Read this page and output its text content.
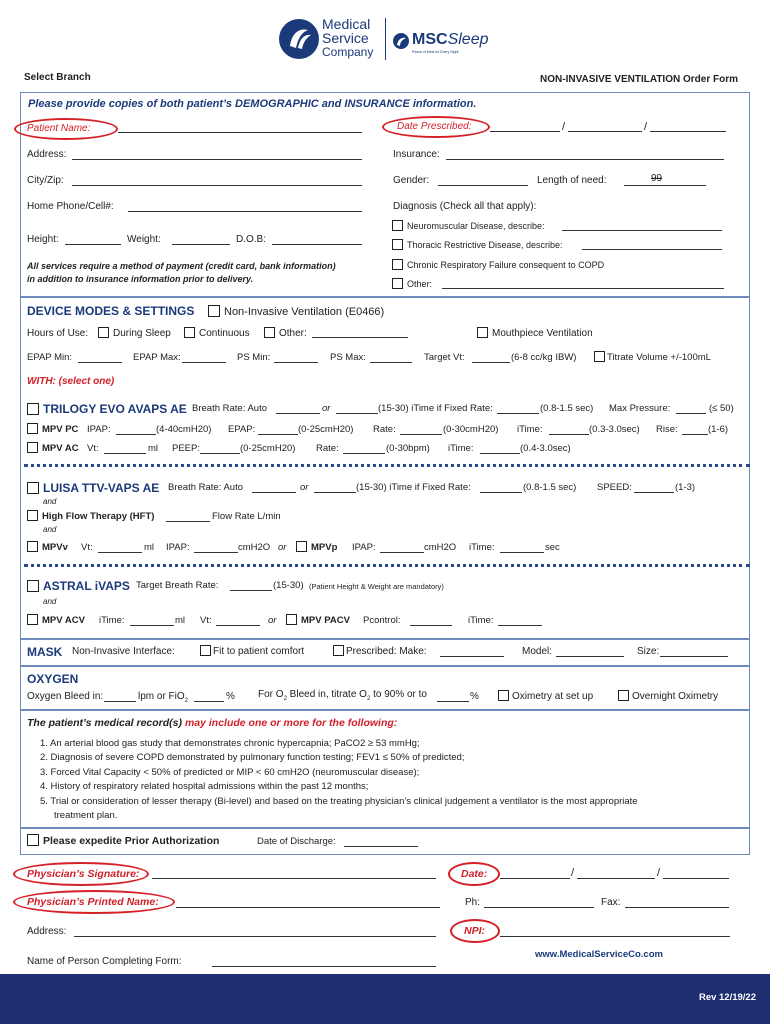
Medical
Service
Company
MSCSleep
Peace of Mind for Every Night
Select Branch	NON-INVASIVE VENTILATION Order Form
Please provide copies of both patient’s DEMOGRAPHIC and INSURANCE information.
Patient Name:	Date Prescribed:	/	/
Address:	Insurance:
City/Zip:	Gender:	Length of need:	99
Home Phone/Cell#:	Diagnosis (Check all that apply):
Neuromuscular Disease, describe:
Height:	Weight:	D.O.B:	Thoracic Restrictive Disease, describe:
All services require a method of payment (credit card, bank information)
in addition to insurance information prior to delivery.
Chronic Respiratory Failure consequent to COPD
Other:
DEVICE MODES & SETTINGS	Non-Invasive Ventilation (E0466)
Hours of Use:	During Sleep	Continuous	Other:	Mouthpiece Ventilation
EPAP Min:	EPAP Max:	PS Min:	PS Max:	Target Vt:	(6-8 cc/kg IBW)	Titrate Volume +/-100mL
WITH: (select one)
TRILOGY EVO AVAPS AE Breath Rate: Auto	or	(15-30) iTime if Fixed Rate:	(0.8-1.5 sec) Max Pressure:	(≤ 50)
MPV PC IPAP:	(4-40cmH20) EPAP:	(0-25cmH20) Rate:	(0-30cmH20) iTime:	(0.3-3.0sec) Rise:	(1-6)
MPV AC Vt:	ml PEEP:	(0-25cmH20) Rate:	(0-30bpm) iTime:	(0.4-3.0sec)
LUISA TTV-VAPS AE Breath Rate: Auto	or	(15-30) iTime if Fixed Rate:	(0.8-1.5 sec) SPEED:	(1-3)
and
High Flow Therapy (HFT)	Flow Rate L/min
and
MPVv Vt:	ml IPAP:	cmH2O or	MPVp IPAP:	cmH2O iTime:	sec
ASTRAL iVAPS Target Breath Rate:	(15-30) (Patient Height & Weight are mandatory)
and
MPV ACV iTime:	ml Vt:	or	MPV PACV Pcontrol:	iTime:
MASK Non-Invasive Interface:	Fit to patient comfort	Prescribed: Make:	Model:	Size:
OXYGEN
Oxygen Bleed in:	lpm or FiO$_2$	% For $O_2$ Bleed in, titrate $O_2$ to 90% or to	%	Oximetry at set up	Overnight Oximetry
The patient’s medical record(s) may include one or more for the following:
1. An arterial blood gas study that demonstrates chronic hypercapnia; PaCO2 ≥ 53 mmHg;
2. Diagnosis of severe COPD demonstrated by pulmonary function testing; FEV1 ≤ 50% of predicted;
3. Forced Vital Capacity < 50% of predicted or MIP < 60 cmH2O (neuromuscular disease);
4. History of respiratory related hospital admissions within the past 12 months;
5. Trial or consideration of lesser therapy (Bi-level) and based on the treating physician’s clinical judgement a ventilator is the most appropriate
treatment plan.
Please expedite Prior Authorization	Date of Discharge:
Physician’s Signature:	Date:	/	/
Physician’s Printed Name:	Ph:	Fax:
Address:	NPI:
www.MedicalServiceCo.com
Name of Person Completing Form:
Rev 12/19/22
